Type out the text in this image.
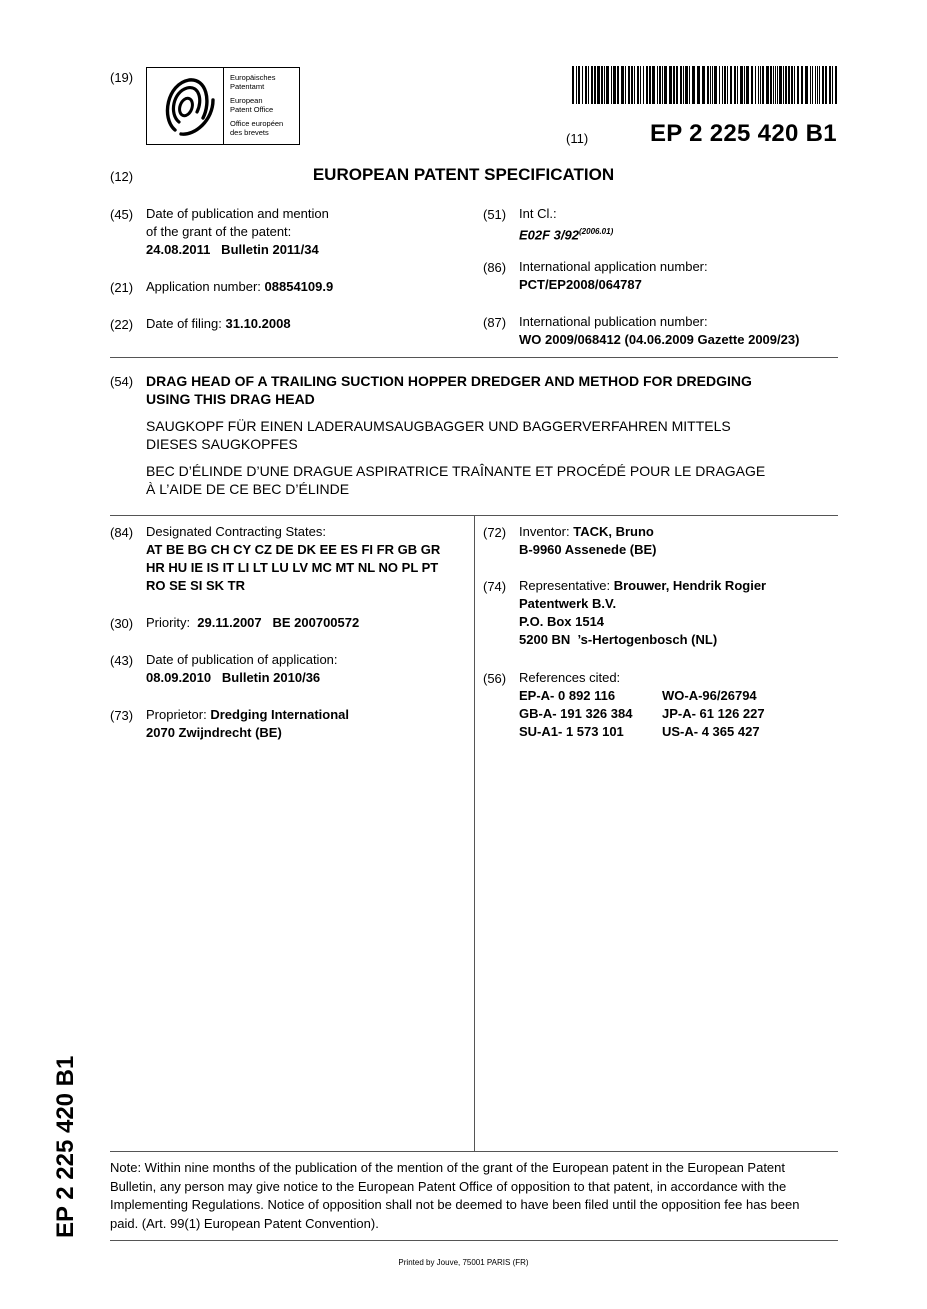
(19)	Europäisches
Patentamt
European
Patent Office
Office européen
des brevets	(11)	EP 2 225 420 B1
(12)	EUROPEAN PATENT SPECIFICATION
(45) Date of publication and mention
of the grant of the patent:
24.08.2011   Bulletin 2011/34
(21) Application number: 08854109.9
(22) Date of filing: 31.10.2008
(51) Int Cl.:
E02F $3/92^{(2006.01)}$
(86) International application number:
PCT/EP2008/064787
(87) International publication number:
WO 2009/068412 (04.06.2009 Gazette 2009/23)
(54) DRAG HEAD OF A TRAILING SUCTION HOPPER DREDGER AND METHOD FOR DREDGING
USING THIS DRAG HEAD
SAUGKOPF FÜR EINEN LADERAUMSAUGBAGGER UND BAGGERVERFAHREN MITTELS
DIESES SAUGKOPFES
BEC D’ÉLINDE D’UNE DRAGUE ASPIRATRICE TRAÎNANTE ET PROCÉDÉ POUR LE DRAGAGE
À L’AIDE DE CE BEC D’ÉLINDE
(84) Designated Contracting States:
AT BE BG CH CY CZ DE DK EE ES FI FR GB GR
HR HU IE IS IT LI LT LU LV MC MT NL NO PL PT
RO SE SI SK TR
(30) Priority: 29.11.2007   BE 200700572
(43) Date of publication of application:
08.09.2010   Bulletin 2010/36
(73) Proprietor: Dredging International
2070 Zwijndrecht (BE)
(72) Inventor: TACK, Bruno
B-9960 Assenede (BE)
(74) Representative: Brouwer, Hendrik Rogier
Patentwerk B.V.
P.O. Box 1514
5200 BN  ’s-Hertogenbosch (NL)
(56) References cited:
EP-A- 0 892 116	WO-A-96/26794
GB-A- 191 326 384	JP-A- 61 126 227
SU-A1- 1 573 101	US-A- 4 365 427
Note: Within nine months of the publication of the mention of the grant of the European patent in the European Patent
Bulletin, any person may give notice to the European Patent Office of opposition to that patent, in accordance with the
Implementing Regulations. Notice of opposition shall not be deemed to have been filed until the opposition fee has been
paid. (Art. 99(1) European Patent Convention).
Printed by Jouve, 75001 PARIS (FR)
EP 2 225 420 B1
